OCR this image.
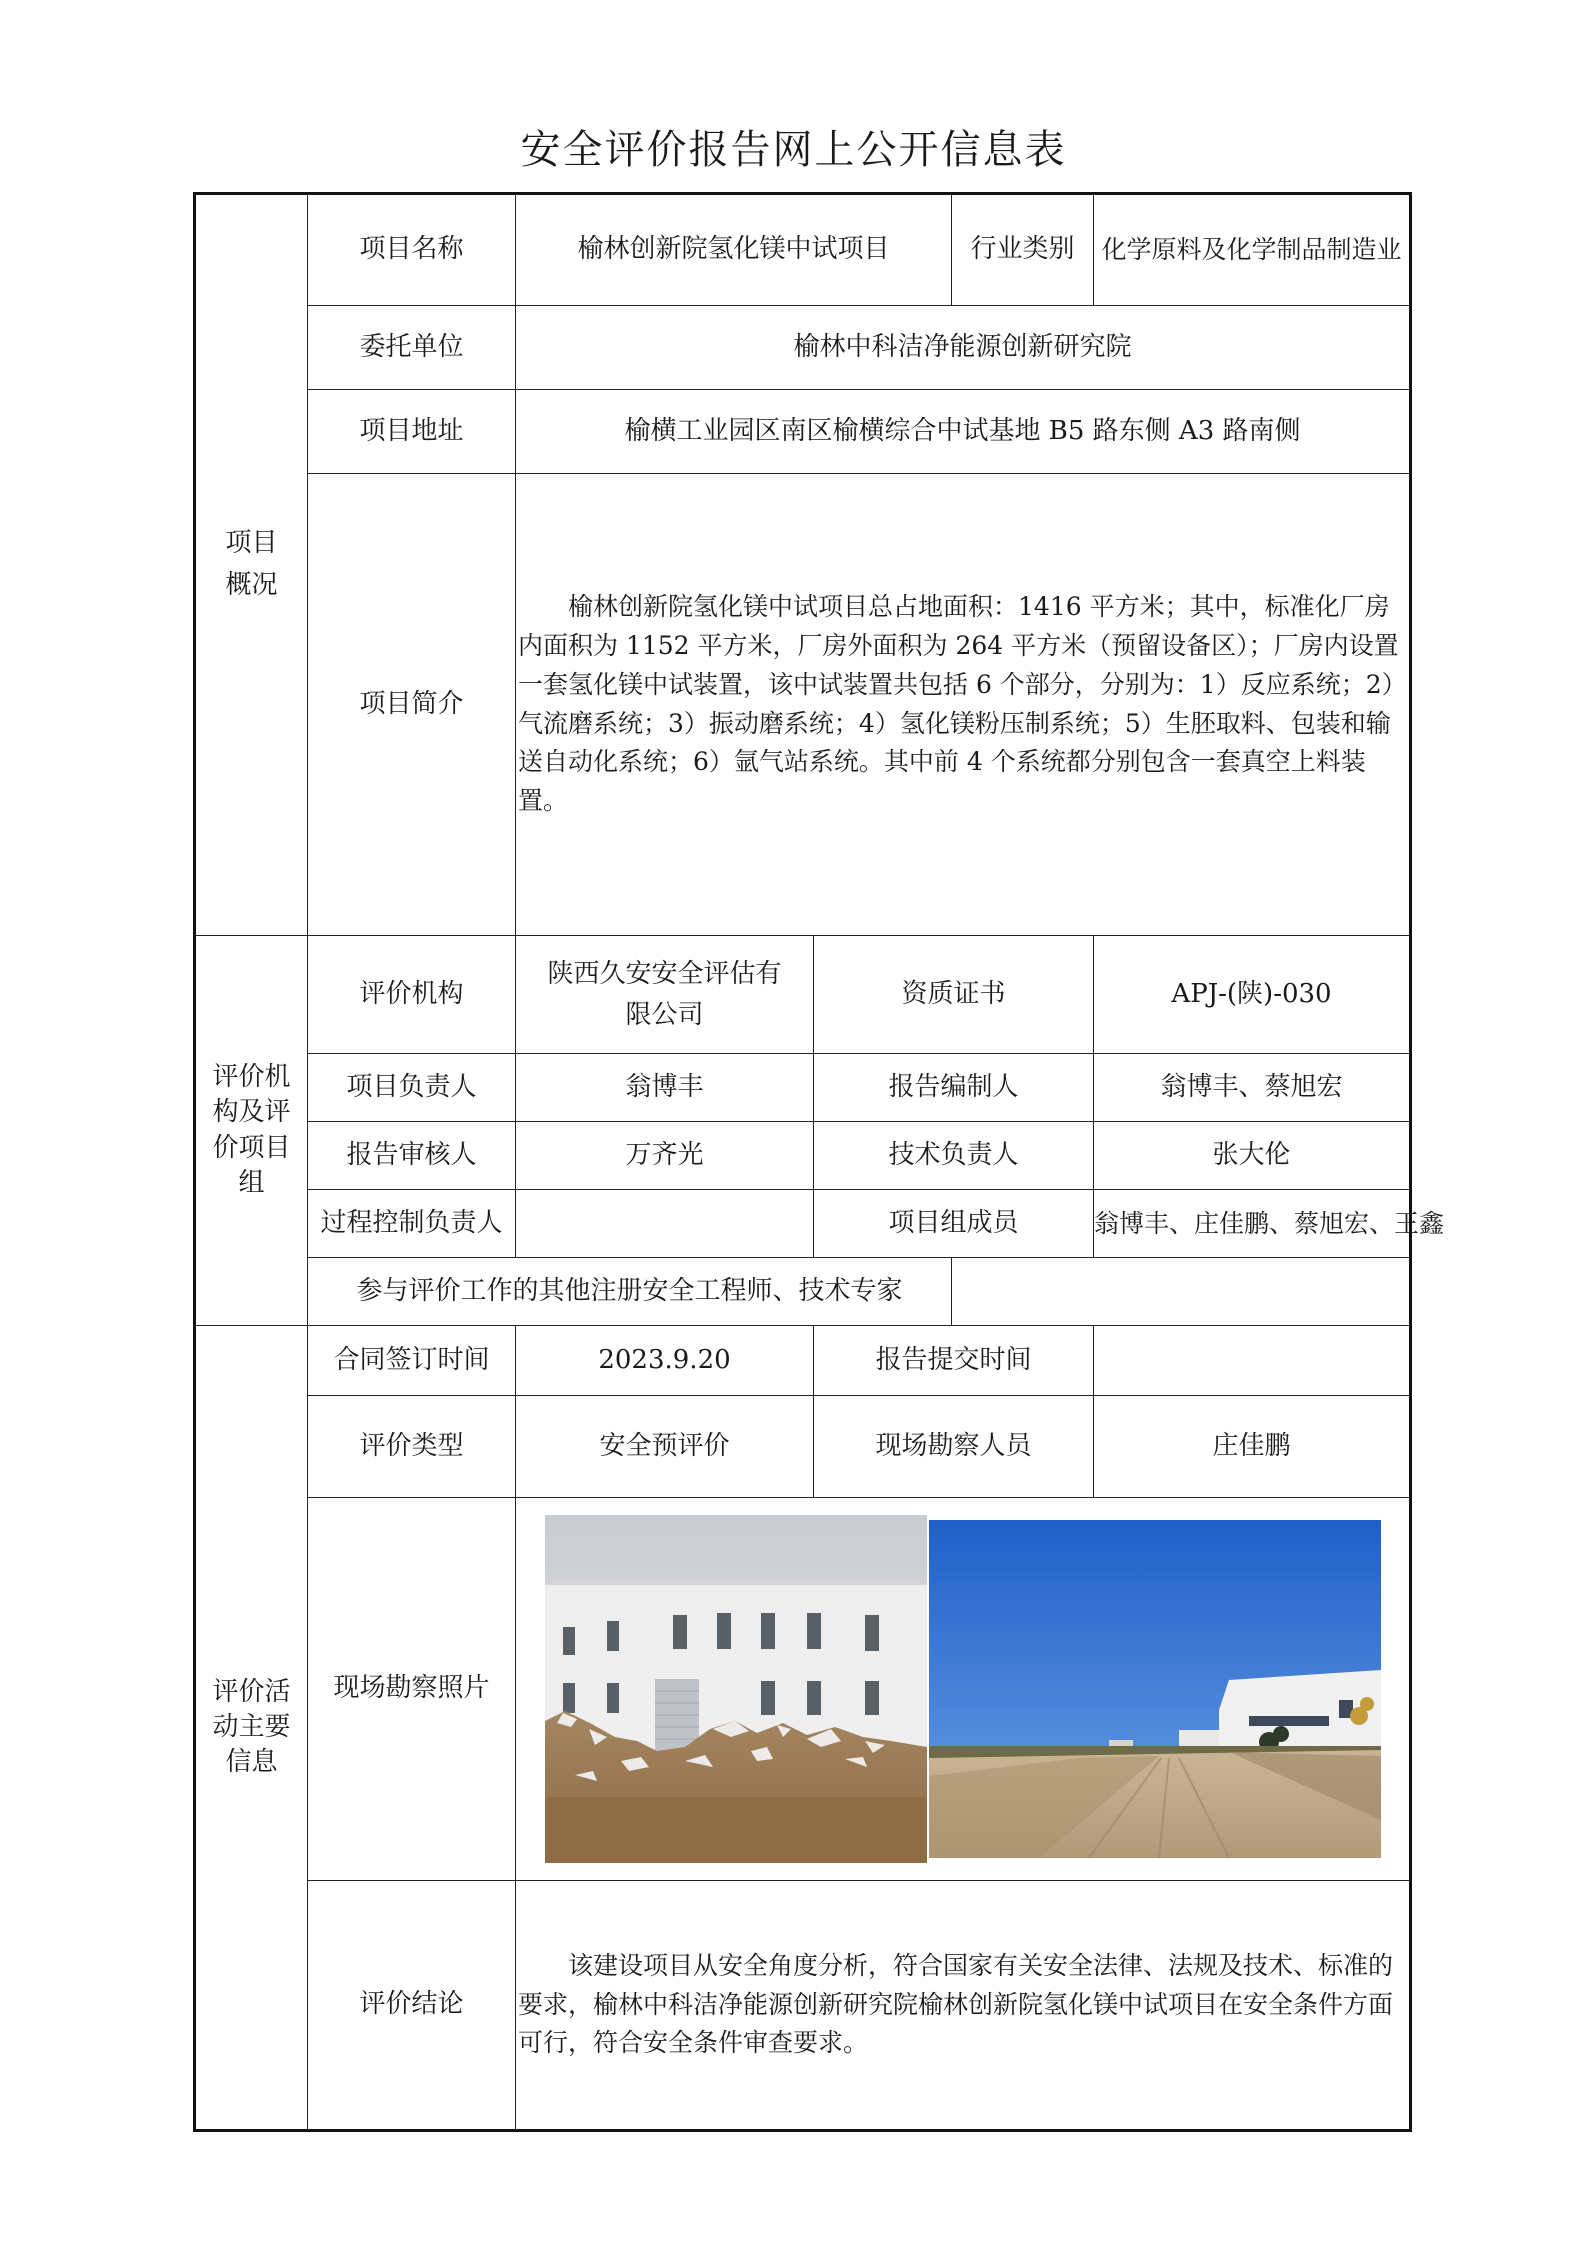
安全评价报告网上公开信息表
项目
概况	项目名称	榆林创新院氢化镁中试项目		行业类别	化学原料及化学制品制造业
	委托单位	榆林中科洁净能源创新研究院			
	项目地址	榆横工业园区南区榆横综合中试基地 B5 路东侧 A3 路南侧			
	项目简介	榆林创新院氢化镁中试项目总占地面积：1416 平方米；其中，标准化厂房内面积为 1152 平方米，厂房外面积为 264 平方米（预留设备区）；厂房内设置一套氢化镁中试装置，该中试装置共包括 6 个部分，分别为：1）反应系统；2）气流磨系统；3）振动磨系统；4）氢化镁粉压制系统；5）生胚取料、包装和输送自动化系统；6）氩气站系统。其中前 4 个系统都分别包含一套真空上料装置。			
评价机构及评价项目组	评价机构	陕西久安安全评估有限公司	资质证书		APJ-(陕)-030
	项目负责人	翁博丰	报告编制人		翁博丰、蔡旭宏
	报告审核人	万齐光	技术负责人		张大伦
	过程控制负责人		项目组成员		翁博丰、庄佳鹏、蔡旭宏、王鑫
	参与评价工作的其他注册安全工程师、技术专家				
评价活动主要信息	合同签订时间	2023.9.20	报告提交时间		
	评价类型	安全预评价	现场勘察人员		庄佳鹏
	现场勘察照片	

	评价结论	该建设项目从安全角度分析，符合国家有关安全法律、法规及技术、标准的要求，榆林中科洁净能源创新研究院榆林创新院氢化镁中试项目在安全条件方面可行，符合安全条件审查要求。			
